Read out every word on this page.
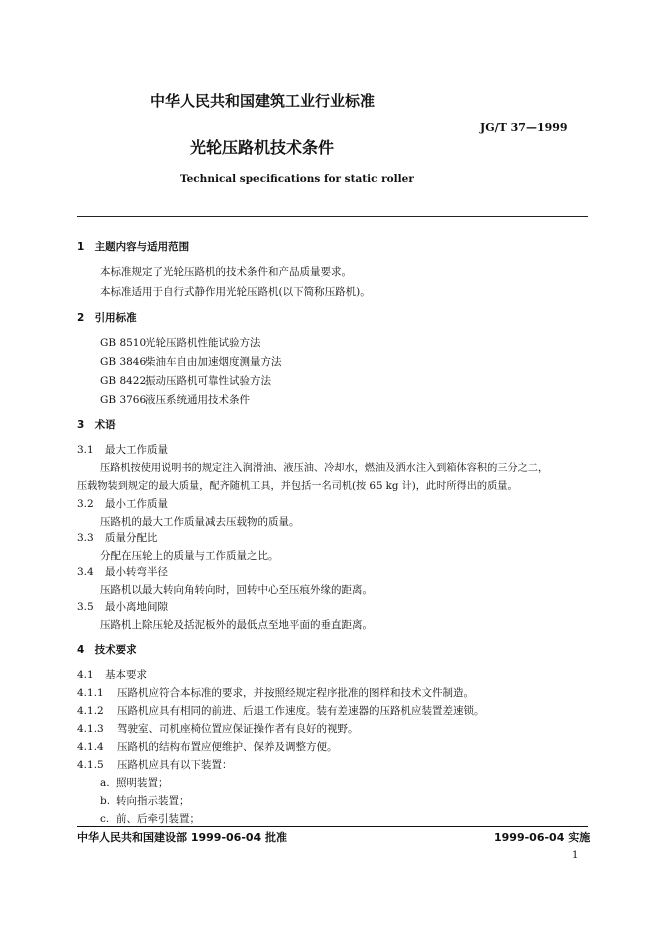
中华人民共和国建筑工业行业标准
JG/T 37—1999
光轮压路机技术条件
Technical specifications for static roller
1 主题内容与适用范围
本标准规定了光轮压路机的技术条件和产品质量要求。
本标准适用于自行式静作用光轮压路机(以下简称压路机)。
2 引用标准
GB 8510光轮压路机性能试验方法
GB 3846柴油车自由加速烟度测量方法
GB 8422振动压路机可靠性试验方法
GB 3766液压系统通用技术条件
3 术语
3.1 最大工作质量
压路机按使用说明书的规定注入润滑油、液压油、冷却水，燃油及洒水注入到箱体容积的三分之二，
压载物装到规定的最大质量，配齐随机工具，并包括一名司机(按 65 kg 计)，此时所得出的质量。
3.2 最小工作质量
压路机的最大工作质量减去压载物的质量。
3.3 质量分配比
分配在压轮上的质量与工作质量之比。
3.4 最小转弯半径
压路机以最大转向角转向时，回转中心至压痕外缘的距离。
3.5 最小离地间隙
压路机上除压轮及括泥板外的最低点至地平面的垂直距离。
4 技术要求
4.1 基本要求
4.1.1 压路机应符合本标准的要求，并按照经规定程序批准的图样和技术文件制造。
4.1.2 压路机应具有相同的前进、后退工作速度。装有差速器的压路机应装置差速锁。
4.1.3 驾驶室、司机座椅位置应保证操作者有良好的视野。
4.1.4 压路机的结构布置应便维护、保养及调整方便。
4.1.5 压路机应具有以下装置：
a. 照明装置；
b. 转向指示装置；
c. 前、后牵引装置；
中华人民共和国建设部 1999-06-04 批准	1999-06-04 实施
1
